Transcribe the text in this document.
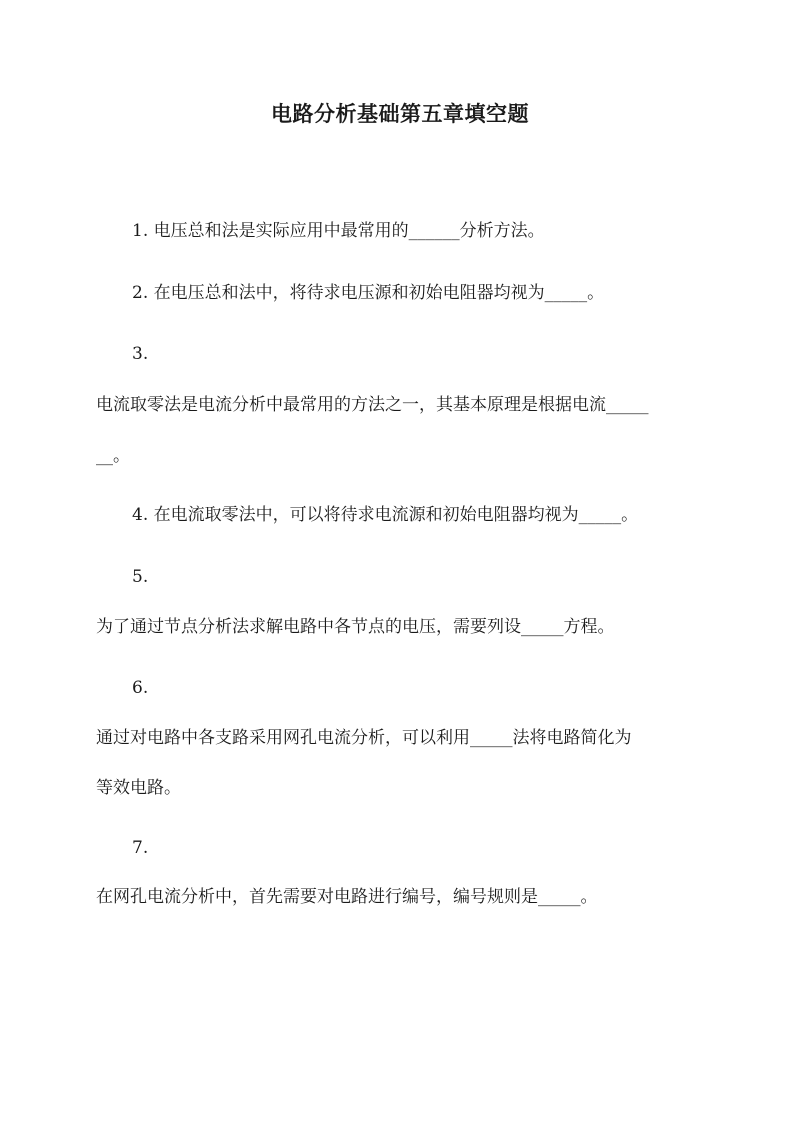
电路分析基础第五章填空题
1. 电压总和法是实际应用中最常用的______分析方法。
2. 在电压总和法中，将待求电压源和初始电阻器均视为_____。
3.
电流取零法是电流分析中最常用的方法之一，其基本原理是根据电流_____
__。
4. 在电流取零法中，可以将待求电流源和初始电阻器均视为_____。
5.
为了通过节点分析法求解电路中各节点的电压，需要列设_____方程。
6.
通过对电路中各支路采用网孔电流分析，可以利用_____法将电路简化为
等效电路。
7.
在网孔电流分析中，首先需要对电路进行编号，编号规则是_____。
